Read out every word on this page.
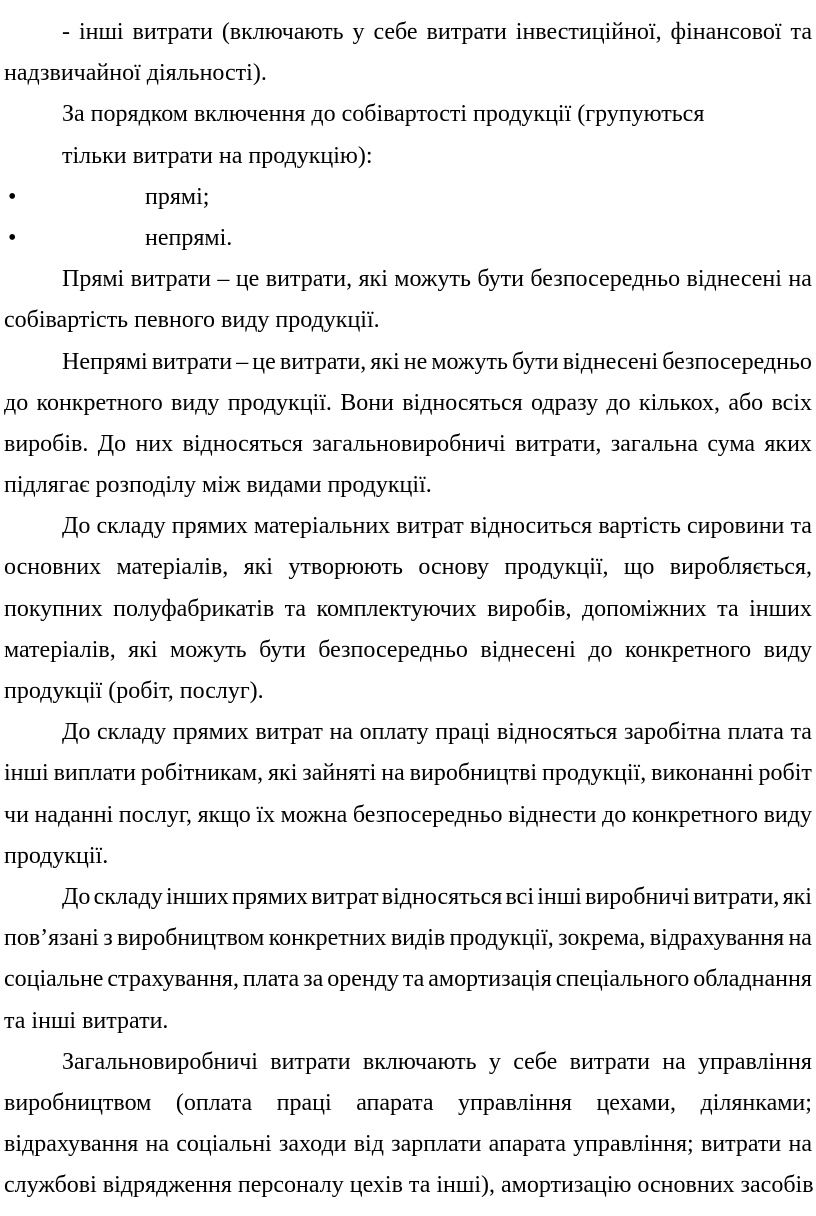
- інші витрати (включають у себе витрати інвестиційної, фінансової та
надзвичайної діяльності).
За порядком включення до собівартості продукції (групуються
тільки витрати на продукцію):
•	прямі;
•	непрямі.
Прямі витрати – це витрати, які можуть бути безпосередньо віднесені на
собівартість певного виду продукції.
Непрямі витрати – це витрати, які не можуть бути віднесені безпосередньо
до конкретного виду продукції. Вони відносяться одразу до кількох, або всіх
виробів. До них відносяться загальновиробничі витрати, загальна сума яких
підлягає розподілу між видами продукції.
До складу прямих матеріальних витрат відноситься вартість сировини та
основних матеріалів, які утворюють основу продукції, що виробляється,
покупних полуфабрикатів та комплектуючих виробів, допоміжних та інших
матеріалів, які можуть бути безпосередньо віднесені до конкретного виду
продукції (робіт, послуг).
До складу прямих витрат на оплату праці відносяться заробітна плата та
інші виплати робітникам, які зайняті на виробництві продукції, виконанні робіт
чи наданні послуг, якщо їх можна безпосередньо віднести до конкретного виду
продукції.
До складу інших прямих витрат відносяться всі інші виробничі витрати, які
пов’язані з виробництвом конкретних видів продукції, зокрема, відрахування на
соціальне страхування, плата за оренду та амортизація спеціального обладнання
та інші витрати.
Загальновиробничі витрати включають у себе витрати на управління
виробництвом (оплата праці апарата управління цехами, ділянками;
відрахування на соціальні заходи від зарплати апарата управління; витрати на
службові відрядження персоналу цехів та інші), амортизацію основних засобів
